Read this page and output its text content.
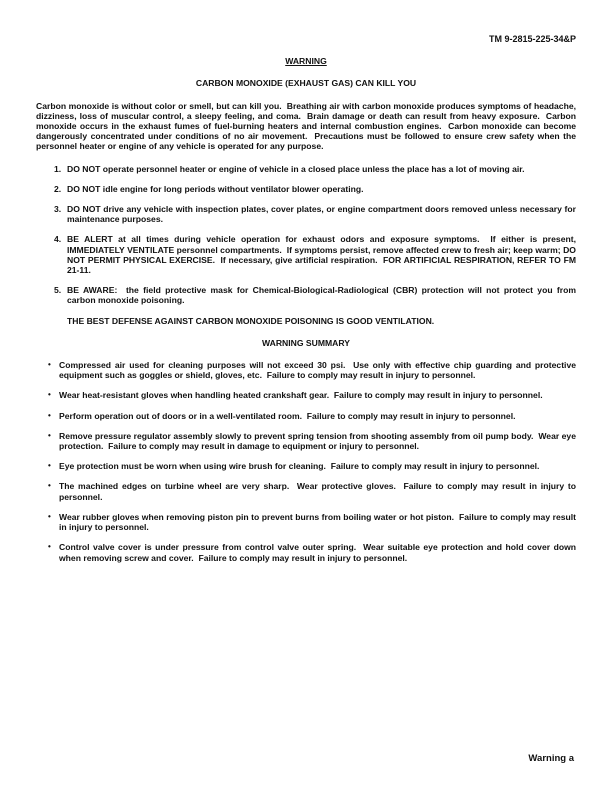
TM 9-2815-225-34&P
WARNING
CARBON MONOXIDE (EXHAUST GAS) CAN KILL YOU
Carbon monoxide is without color or smell, but can kill you.  Breathing air with carbon monoxide produces symptoms of headache, dizziness, loss of muscular control, a sleepy feeling, and coma.  Brain damage or death can result from heavy exposure.  Carbon monoxide occurs in the exhaust fumes of fuel-burning heaters and internal combustion engines.  Carbon monoxide can become dangerously concentrated under conditions of no air movement.  Precautions must be followed to ensure crew safety when the personnel heater or engine of any vehicle is operated for any purpose.
1. DO NOT operate personnel heater or engine of vehicle in a closed place unless the place has a lot of moving air.
2. DO NOT idle engine for long periods without ventilator blower operating.
3. DO NOT drive any vehicle with inspection plates, cover plates, or engine compartment doors removed unless necessary for maintenance purposes.
4. BE ALERT at all times during vehicle operation for exhaust odors and exposure symptoms.  If either is present, IMMEDIATELY VENTILATE personnel compartments.  If symptoms persist, remove affected crew to fresh air; keep warm; DO NOT PERMIT PHYSICAL EXERCISE.  If necessary, give artificial respiration.  FOR ARTIFICIAL RESPIRATION, REFER TO FM 21-11.
5. BE AWARE:  the field protective mask for Chemical-Biological-Radiological (CBR) protection will not protect you from carbon monoxide poisoning.
THE BEST DEFENSE AGAINST CARBON MONOXIDE POISONING IS GOOD VENTILATION.
WARNING SUMMARY
• Compressed air used for cleaning purposes will not exceed 30 psi.  Use only with effective chip guarding and protective equipment such as goggles or shield, gloves, etc.  Failure to comply may result in injury to personnel.
• Wear heat-resistant gloves when handling heated crankshaft gear.  Failure to comply may result in injury to personnel.
• Perform operation out of doors or in a well-ventilated room.  Failure to comply may result in injury to personnel.
• Remove pressure regulator assembly slowly to prevent spring tension from shooting assembly from oil pump body.  Wear eye protection.  Failure to comply may result in damage to equipment or injury to personnel.
• Eye protection must be worn when using wire brush for cleaning.  Failure to comply may result in injury to personnel.
• The machined edges on turbine wheel are very sharp.  Wear protective gloves.  Failure to comply may result in injury to personnel.
• Wear rubber gloves when removing piston pin to prevent burns from boiling water or hot piston.  Failure to comply may result in injury to personnel.
• Control valve cover is under pressure from control valve outer spring.  Wear suitable eye protection and hold cover down when removing screw and cover.  Failure to comply may result in injury to personnel.
Warning a
